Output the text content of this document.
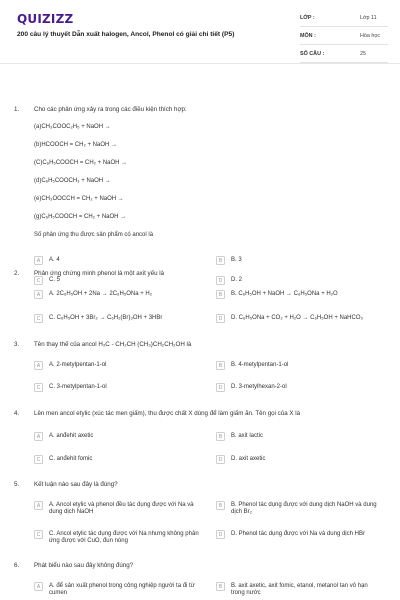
QUIZIZZ
200 câu lý thuyết Dẫn xuất halogen, Ancol, Phenol có giải chi tiết (P5)
LỚP :	Lớp 11
MÔN :	Hóa học
SỐ CÂU :	25
1. Cho các phản ứng xảy ra trong các điều kiện thích hợp:
(a)CH₃COOC₂H₅ + NaOH →
(b)HCOOCH = CH₂ + NaOH →
(C)C₆H₅COOCH = CH₂ + NaOH →
(d)C₆H₅COOCH₃ + NaOH →
(e)CH₃OOCCH = CH₂ + NaOH →
(g)C₆H₅COOCH = CH₂ + NaOH →
Số phản ứng thu được sản phẩm có ancol là
A	A. 4	B	B. 3
C	C. 5	D	D. 2
2. Phản ứng chứng minh phenol là một axit yếu là
A	A. 2C₆H₅OH + 2Na → 2C₆H₅ONa + H₂	B	B. C₆H₅OH + NaOH → C₆H₅ONa + H₂O
C	C. C₆H₅OH + 3Br₂ → C₆H₂(Br)₃OH + 3HBr	D	D. C₆H₅ONa + CO₂ + H₂O → C₆H₅OH + NaHCO₃
3. Tên thay thế của ancol H₃C - CH₂CH (CH₃)CH₂CH₂OH là
A	A. 2-metylpentan-1-ol	B	B. 4-metylpentan-1-ol
C	C. 3-metylpentan-1-ol	D	D. 3-metylhexan-2-ol
4. Lên men ancol etylic (xúc tác men giấm), thu được chất X dùng để làm giấm ăn. Tên gọi của X là
A	A. anđehit axetic	B	B. axit lactic
C	C. anđehit fomic	D	D. axit axetic
5. Kết luận nào sau đây là đúng?
A	A. Ancol etylic và phenol đều tác dụng được với Na và dung dịch NaOH
B	B. Phenol tác dụng được với dung dịch NaOH và dung dịch Br₂
C	C. Ancol etylic tác dụng được với Na nhưng không phản ứng được với CuO, đun nóng
D	D. Phenol tác dụng được với Na và dung dịch HBr
6. Phát biểu nào sau đây không đúng?
A	A. để sản xuất phenol trong công nghiệp người ta đi từ cumen
B	B. axit axetic, axit fomic, etanol, metanol tan vô hạn trong nước
